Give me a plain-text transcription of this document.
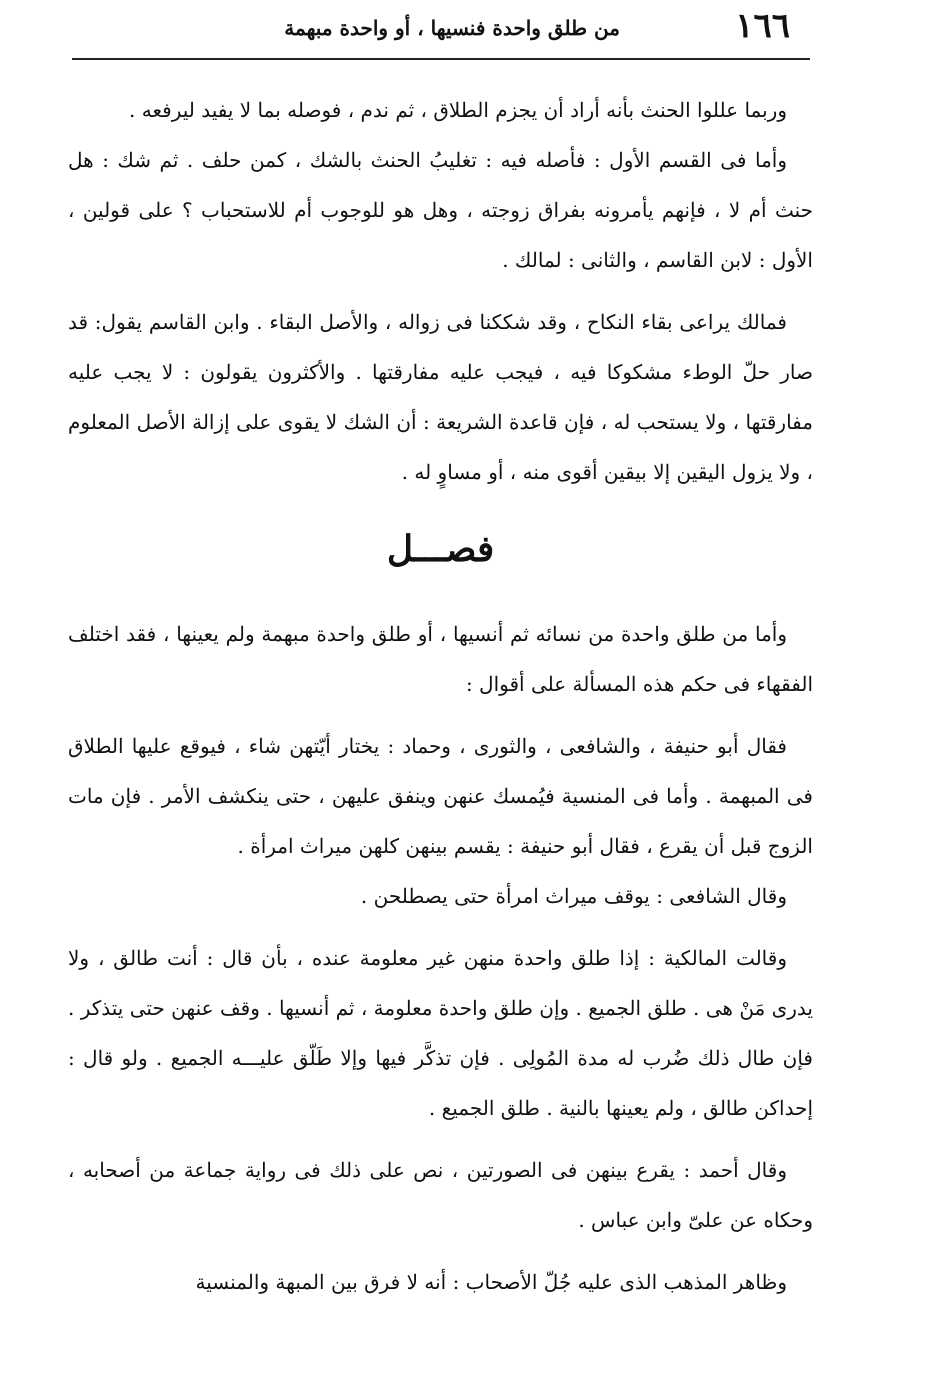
١٦٦
من طلق واحدة فنسيها ، أو واحدة مبهمة

وربما عللوا الحنث بأنه أراد أن يجزم الطلاق ، ثم ندم ، فوصله بما لا يفيد ليرفعه .

وأما فى القسم الأول : فأصله فيه : تغليبُ الحنث بالشك ، كمن حلف . ثم شك : هل حنث أم لا ، فإنهم يأمرونه بفراق زوجته ، وهل هو للوجوب أم للاستحباب ؟ على قولين ، الأول : لابن القاسم ، والثانى : لمالك .

فمالك يراعى بقاء النكاح ، وقد شككنا فى زواله ، والأصل البقاء . وابن القاسم يقول: قد صار حلّ الوطء مشكوكا فيه ، فيجب عليه مفارقتها . والأكثرون يقولون : لا يجب عليه مفارقتها ، ولا يستحب له ، فإن قاعدة الشريعة : أن الشك لا يقوى على إزالة الأصل المعلوم ، ولا يزول اليقين إلا بيقين أقوى منه ، أو مساوٍ له .

فصـــل

وأما من طلق واحدة من نسائه ثم أنسيها ، أو طلق واحدة مبهمة ولم يعينها ، فقد اختلف الفقهاء فى حكم هذه المسألة على أقوال :

فقال أبو حنيفة ، والشافعى ، والثورى ، وحماد : يختار أيّتهن شاء ، فيوقع عليها الطلاق فى المبهمة . وأما فى المنسية فيُمسك عنهن وينفق عليهن ، حتى ينكشف الأمر . فإن مات الزوج قبل أن يقرع ، فقال أبو حنيفة : يقسم بينهن كلهن ميراث امرأة .

وقال الشافعى : يوقف ميراث امرأة حتى يصطلحن .

وقالت المالكية : إذا طلق واحدة منهن غير معلومة عنده ، بأن قال : أنت طالق ، ولا يدرى مَنْ هى . طلق الجميع . وإن طلق واحدة معلومة ، ثم أنسيها . وقف عنهن حتى يتذكر . فإن طال ذلك ضُرب له مدة المُولِى . فإن تذكَّر فيها وإلا طَلّق عليـــه الجميع . ولو قال : إحداكن طالق ، ولم يعينها بالنية . طلق الجميع .

وقال أحمد : يقرع بينهن فى الصورتين ، نص على ذلك فى رواية جماعة من أصحابه ، وحكاه عن علىّ وابن عباس .

وظاهر المذهب الذى عليه جُلّ الأصحاب : أنه لا فرق بين المبهة والمنسية
